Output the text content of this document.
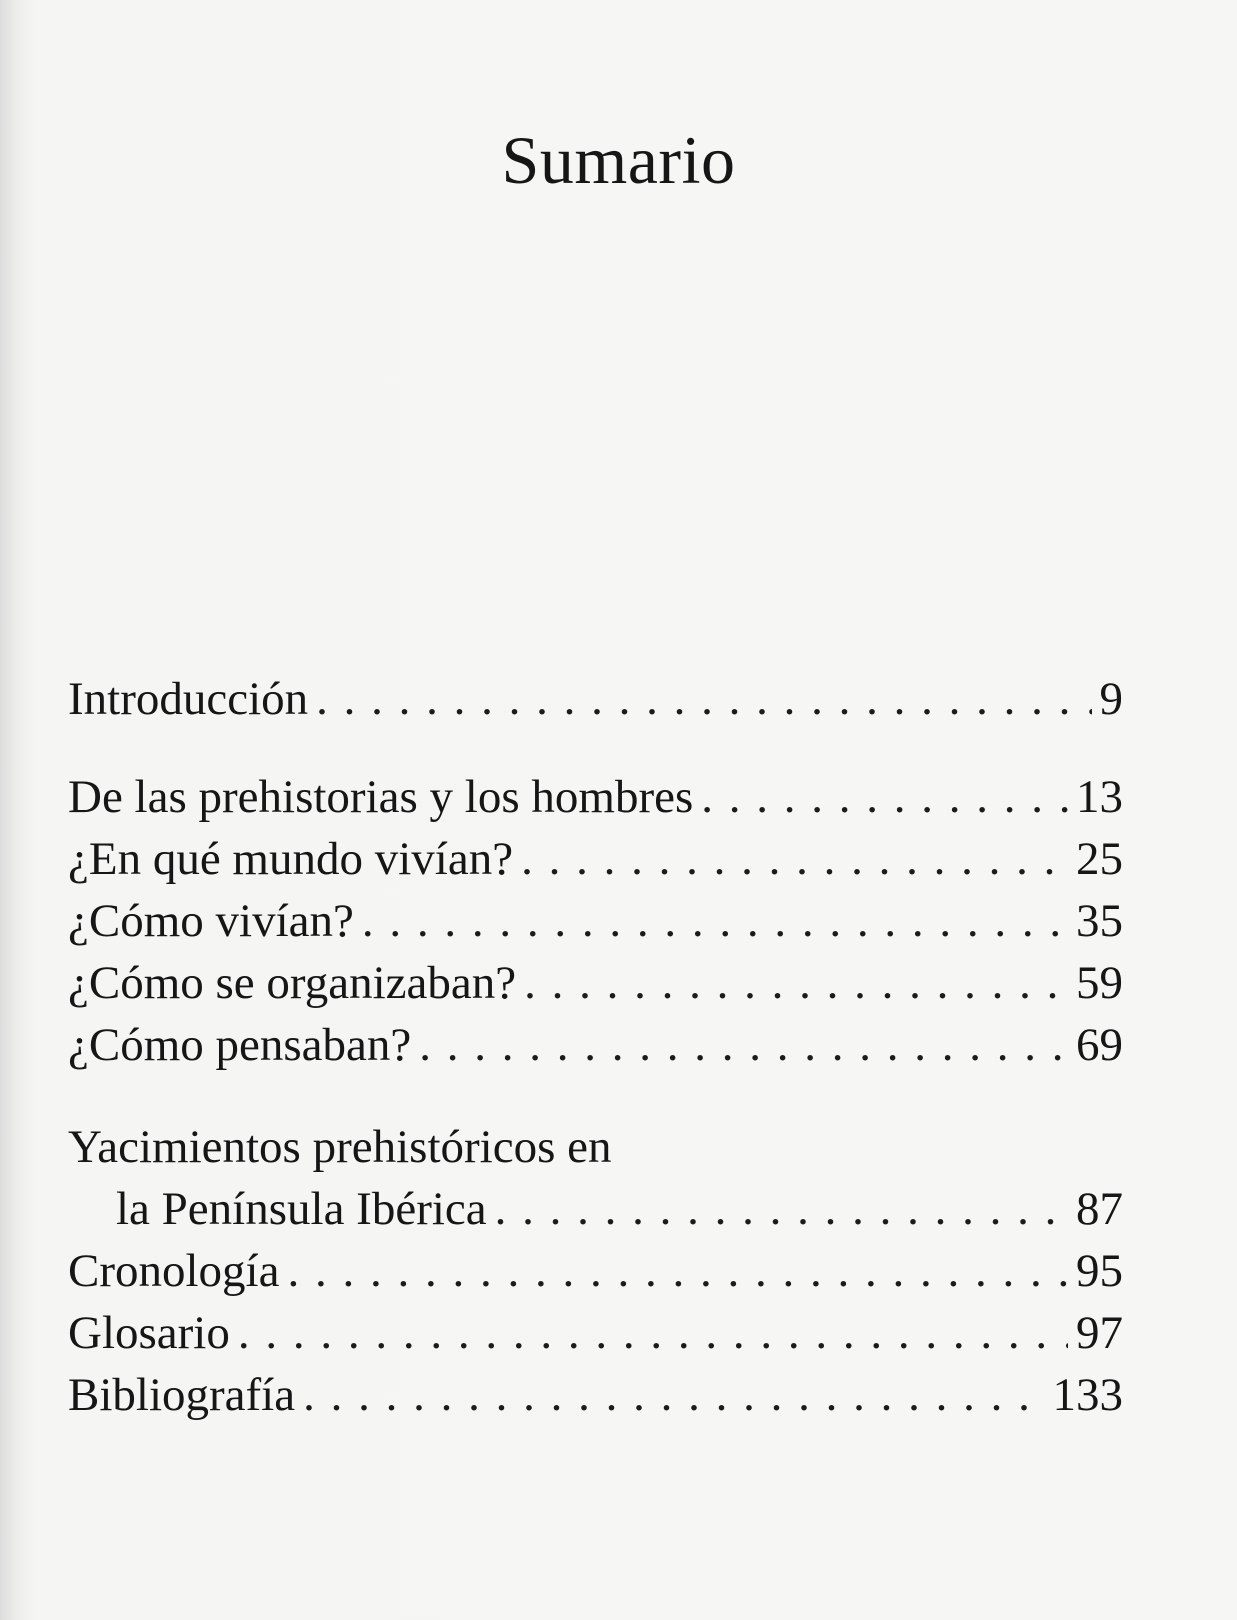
Sumario
Introducción . . .	9
De las prehistorias y los hombres . . .	13
¿En qué mundo vivían? . . .	25
¿Cómo vivían? . . .	35
¿Cómo se organizaban? . . .	59
¿Cómo pensaban? . . .	69
Yacimientos prehistóricos en
la Península Ibérica . . .	87
Cronología . . .	95
Glosario . . .	97
Bibliografía . . .	133
